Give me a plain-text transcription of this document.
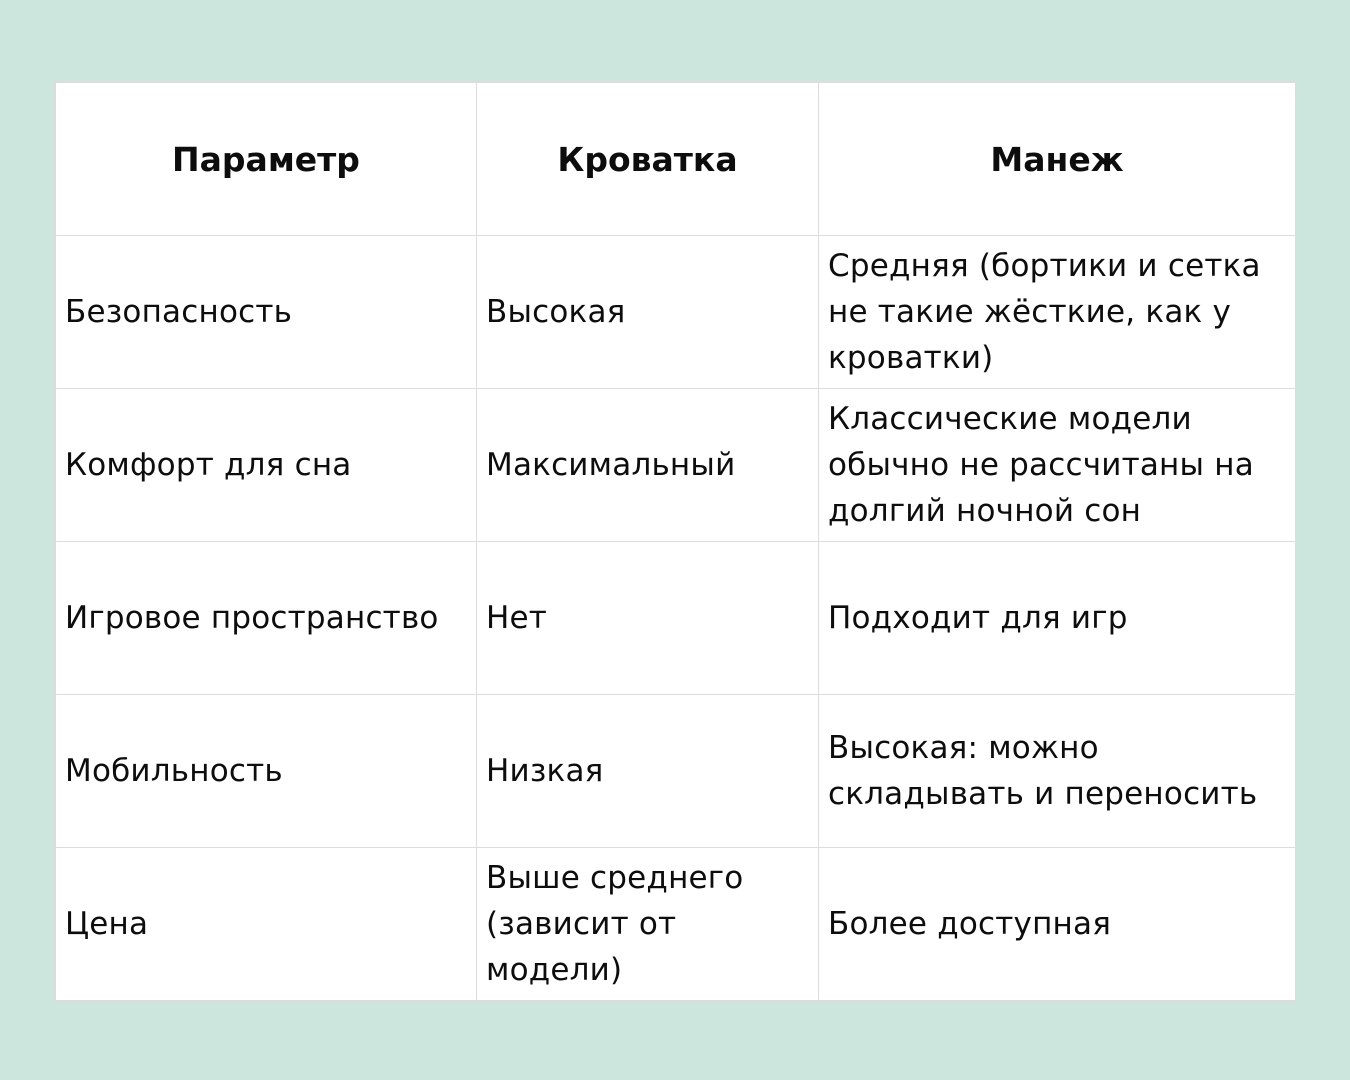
Параметр	Кроватка	Манеж
Безопасность	Высокая	Средняя (бортики и сетка не такие жёсткие, как у кроватки)
Комфорт для сна	Максимальный	Классические модели обычно не рассчитаны на долгий ночной сон
Игровое пространство	Нет	Подходит для игр
Мобильность	Низкая	Высокая: можно складывать и переносить
Цена	Выше среднего (зависит от модели)	Более доступная
